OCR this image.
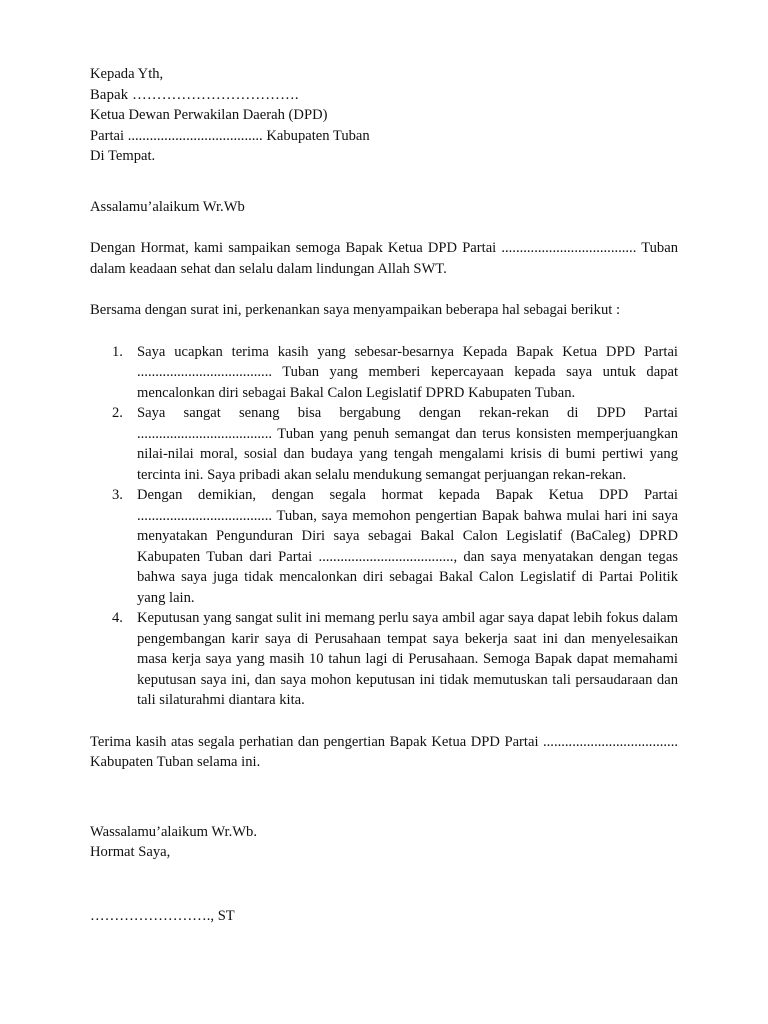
Kepada Yth,
Bapak …………………………….
Ketua Dewan Perwakilan Daerah (DPD)
Partai ..................................... Kabupaten Tuban
Di Tempat.
Assalamu’alaikum Wr.Wb
Dengan Hormat, kami sampaikan semoga Bapak Ketua DPD Partai ..................................... Tuban dalam keadaan sehat dan selalu dalam lindungan Allah SWT.
Bersama dengan surat ini, perkenankan saya menyampaikan beberapa hal sebagai berikut :
1. Saya ucapkan terima kasih yang sebesar-besarnya Kepada Bapak Ketua DPD Partai ..................................... Tuban yang memberi kepercayaan kepada saya untuk dapat mencalonkan diri sebagai Bakal Calon Legislatif DPRD Kabupaten Tuban.
2. Saya sangat senang bisa bergabung dengan rekan-rekan di DPD Partai ..................................... Tuban yang penuh semangat dan terus konsisten memperjuangkan nilai-nilai moral, sosial dan budaya yang tengah mengalami krisis di bumi pertiwi yang tercinta ini. Saya pribadi akan selalu mendukung semangat perjuangan rekan-rekan.
3. Dengan demikian, dengan segala hormat kepada Bapak Ketua DPD Partai ..................................... Tuban, saya memohon pengertian Bapak bahwa mulai hari ini saya menyatakan Pengunduran Diri saya sebagai Bakal Calon Legislatif (BaCaleg) DPRD Kabupaten Tuban dari Partai ....................................., dan saya menyatakan dengan tegas bahwa saya juga tidak mencalonkan diri sebagai Bakal Calon Legislatif di Partai Politik yang lain.
4. Keputusan yang sangat sulit ini memang perlu saya ambil agar saya dapat lebih fokus dalam pengembangan karir saya di Perusahaan tempat saya bekerja saat ini dan menyelesaikan masa kerja saya yang masih 10 tahun lagi di Perusahaan. Semoga Bapak dapat memahami keputusan saya ini, dan saya mohon keputusan ini tidak memutuskan tali persaudaraan dan tali silaturahmi diantara kita.
Terima kasih atas segala perhatian dan pengertian Bapak Ketua DPD Partai ..................................... Kabupaten Tuban selama ini.
Wassalamu’alaikum Wr.Wb.
Hormat Saya,
……………………., ST
